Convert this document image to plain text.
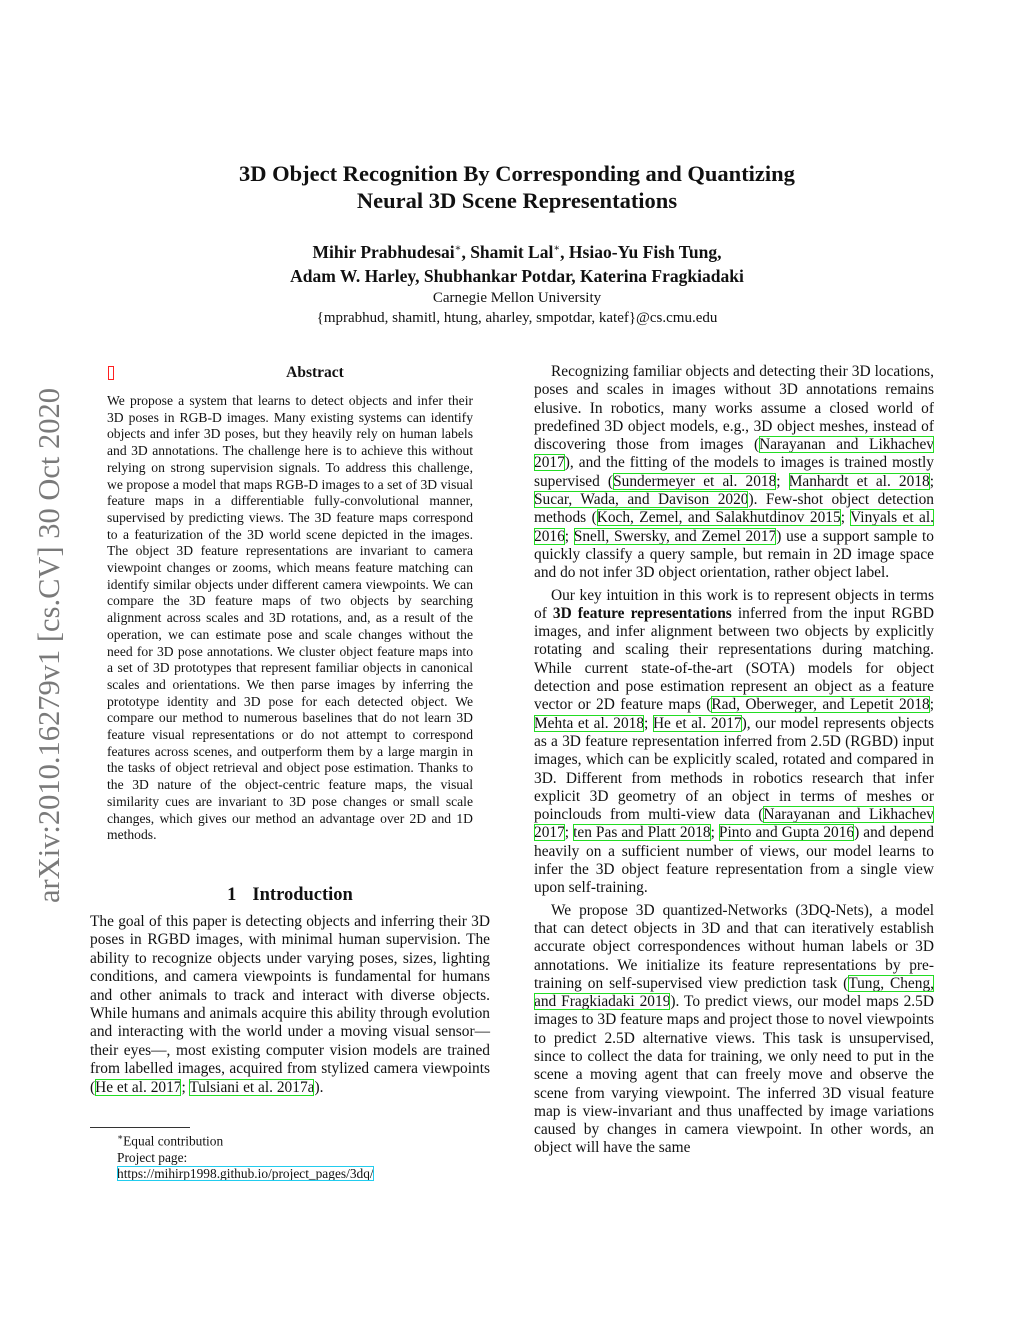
arXiv:2010.16279v1 [cs.CV] 30 Oct 2020
3D Object Recognition By Corresponding and Quantizing
Neural 3D Scene Representations
Mihir Prabhudesai∗, Shamit Lal∗, Hsiao-Yu Fish Tung,
Adam W. Harley, Shubhankar Potdar, Katerina Fragkiadaki
Carnegie Mellon University
{mprabhud, shamitl, htung, aharley, smpotdar, katef}@cs.cmu.edu
Abstract
We propose a system that learns to detect objects and infer their 3D poses in RGB-D images. Many existing systems can identify objects and infer 3D poses, but they heavily rely on human labels and 3D annotations. The challenge here is to achieve this without relying on strong supervision signals. To address this challenge, we propose a model that maps RGB-D images to a set of 3D visual feature maps in a differentiable fully-convolutional manner, supervised by predicting views. The 3D feature maps correspond to a featurization of the 3D world scene depicted in the images. The object 3D feature representations are invariant to camera viewpoint changes or zooms, which means feature matching can identify similar objects under different camera viewpoints. We can compare the 3D feature maps of two objects by searching alignment across scales and 3D rotations, and, as a result of the operation, we can estimate pose and scale changes without the need for 3D pose annotations. We cluster object feature maps into a set of 3D prototypes that represent familiar objects in canonical scales and orientations. We then parse images by inferring the prototype identity and 3D pose for each detected object. We compare our method to numerous baselines that do not learn 3D feature visual representations or do not attempt to correspond features across scenes, and outperform them by a large margin in the tasks of object retrieval and object pose estimation. Thanks to the 3D nature of the object-centric feature maps, the visual similarity cues are invariant to 3D pose changes or small scale changes, which gives our method an advantage over 2D and 1D methods.
1 Introduction
The goal of this paper is detecting objects and inferring their 3D poses in RGBD images, with minimal human supervision. The ability to recognize objects under varying poses, sizes, lighting conditions, and camera viewpoints is fundamental for humans and other animals to track and interact with diverse objects. While humans and animals acquire this ability through evolution and interacting with the world under a moving visual sensor—their eyes—, most existing computer vision models are trained from labelled images, acquired from stylized camera viewpoints (He et al. 2017; Tulsiani et al. 2017a).
∗Equal contribution
Project page:
https://mihirp1998.github.io/project_pages/3dq/

Recognizing familiar objects and detecting their 3D locations, poses and scales in images without 3D annotations remains elusive. In robotics, many works assume a closed world of predefined 3D object models, e.g., 3D object meshes, instead of discovering those from images (Narayanan and Likhachev 2017), and the fitting of the models to images is trained mostly supervised (Sundermeyer et al. 2018; Manhardt et al. 2018; Sucar, Wada, and Davison 2020). Few-shot object detection methods (Koch, Zemel, and Salakhutdinov 2015; Vinyals et al. 2016; Snell, Swersky, and Zemel 2017) use a support sample to quickly classify a query sample, but remain in 2D image space and do not infer 3D object orientation, rather object label.

Our key intuition in this work is to represent objects in terms of 3D feature representations inferred from the input RGBD images, and infer alignment between two objects by explicitly rotating and scaling their representations during matching. While current state-of-the-art (SOTA) models for object detection and pose estimation represent an object as a feature vector or 2D feature maps (Rad, Oberweger, and Lepetit 2018; Mehta et al. 2018; He et al. 2017), our model represents objects as a 3D feature representation inferred from 2.5D (RGBD) input images, which can be explicitly scaled, rotated and compared in 3D. Different from methods in robotics research that infer explicit 3D geometry of an object in terms of meshes or poinclouds from multi-view data (Narayanan and Likhachev 2017; ten Pas and Platt 2018; Pinto and Gupta 2016) and depend heavily on a sufficient number of views, our model learns to infer the 3D object feature representation from a single view upon self-training.

We propose 3D quantized-Networks (3DQ-Nets), a model that can detect objects in 3D and that can iteratively establish accurate object correspondences without human labels or 3D annotations. We initialize its feature representations by pre-training on self-supervised view prediction task (Tung, Cheng, and Fragkiadaki 2019). To predict views, our model maps 2.5D images to 3D feature maps and project those to novel viewpoints to predict 2.5D alternative views. This task is unsupervised, since to collect the data for training, we only need to put in the scene a moving agent that can freely move and observe the scene from varying viewpoint. The inferred 3D visual feature map is view-invariant and thus unaffected by image variations caused by changes in camera viewpoint. In other words, an object will have the same
